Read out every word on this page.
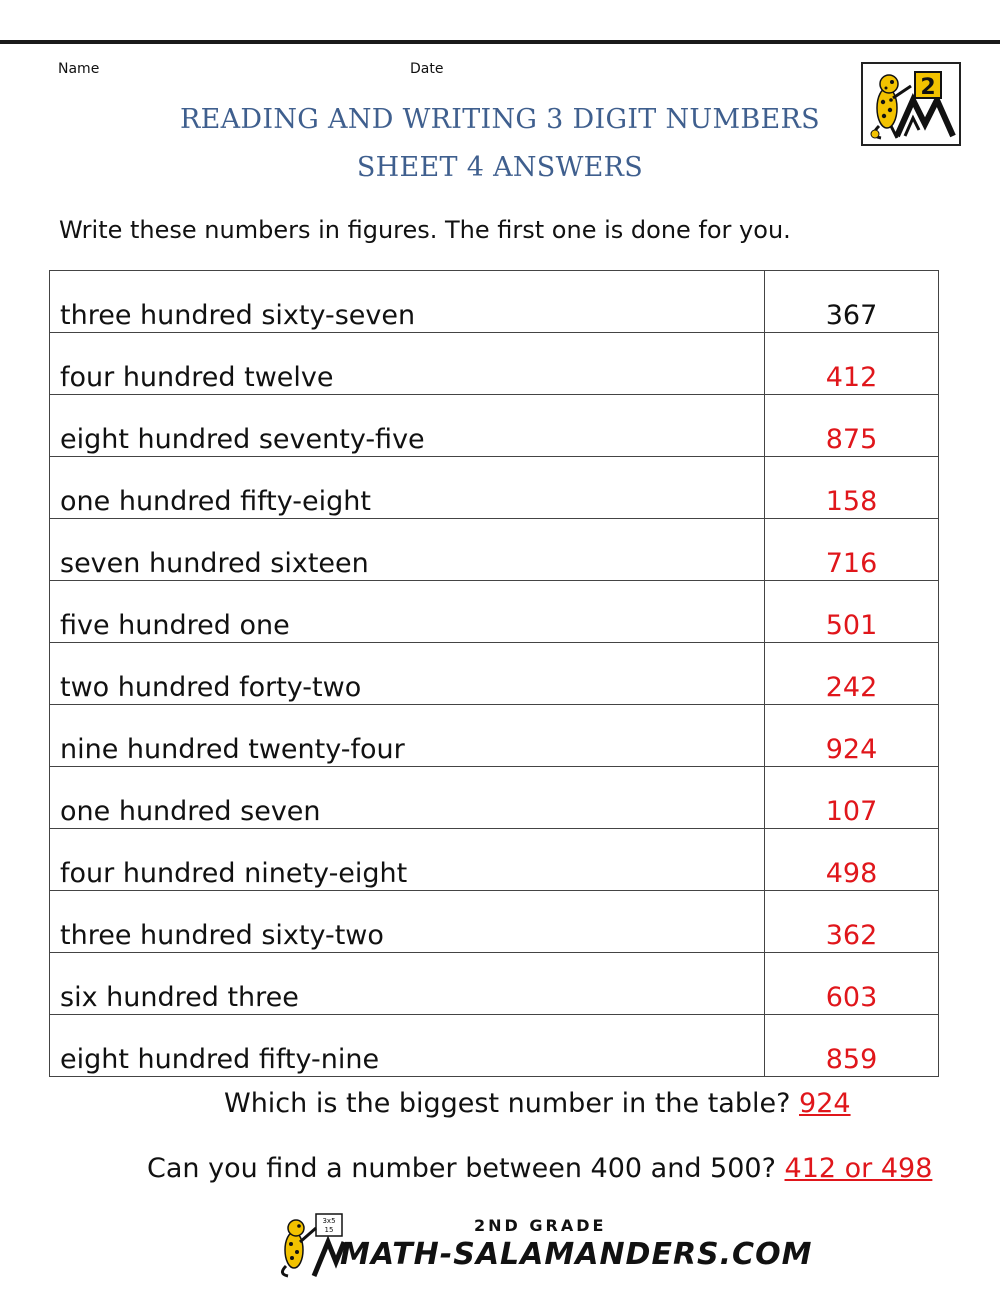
Name	Date
READING AND WRITING 3 DIGIT NUMBERS
SHEET 4 ANSWERS
2
Write these numbers in figures. The first one is done for you.
three hundred sixty-seven	367
four hundred twelve	412
eight hundred seventy-five	875
one hundred fifty-eight	158
seven hundred sixteen	716
five hundred one	501
two hundred forty-two	242
nine hundred twenty-four	924
one hundred seven	107
four hundred ninety-eight	498
three hundred sixty-two	362
six hundred three	603
eight hundred fifty-nine	859
Which is the biggest number in the table? 924
Can you find a number between 400 and 500? 412 or 498
3x5
15	2ND GRADE
MATH-SALAMANDERS.COM
